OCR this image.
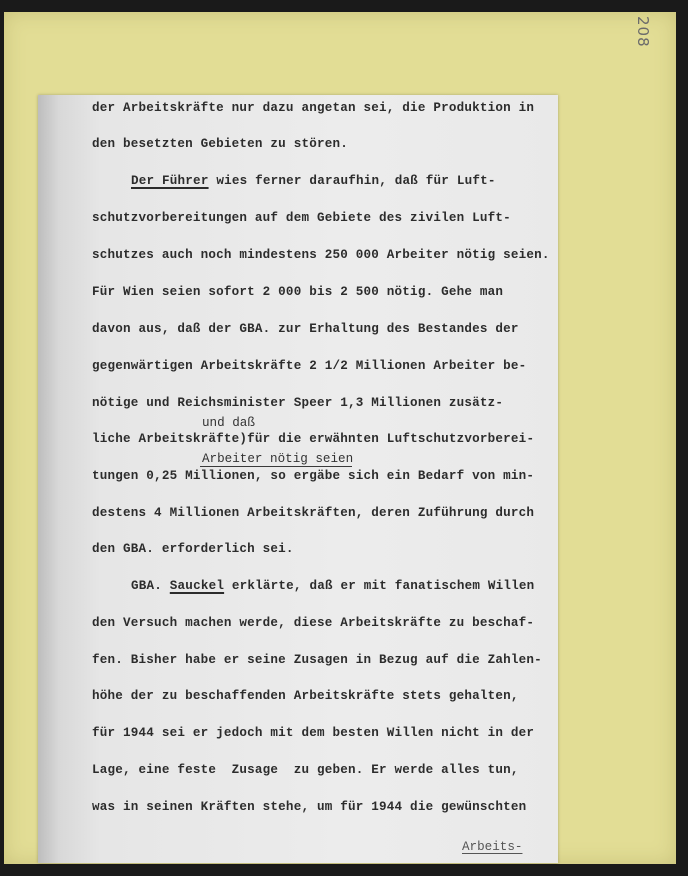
208
der Arbeitskräfte nur dazu angetan sei, die Produktion in
den besetzten Gebieten zu stören.
Der Führer wies ferner daraufhin, daß für Luft-
schutzvorbereitungen auf dem Gebiete des zivilen Luft-
schutzes auch noch mindestens 250 000 Arbeiter nötig seien.
Für Wien seien sofort 2 000 bis 2 500 nötig. Gehe man
davon aus, daß der GBA. zur Erhaltung des Bestandes der
gegenwärtigen Arbeitskräfte 2 1/2 Millionen Arbeiter be-
nötige und Reichsminister Speer 1,3 Millionen zusätz-
und daß
liche Arbeitskräfte)für die erwähnten Luftschutzvorberei-
Arbeiter nötig seien
tungen 0,25 Millionen, so ergäbe sich ein Bedarf von min-
destens 4 Millionen Arbeitskräften, deren Zuführung durch
den GBA. erforderlich sei.
GBA. Sauckel erklärte, daß er mit fanatischem Willen
den Versuch machen werde, diese Arbeitskräfte zu beschaf-
fen. Bisher habe er seine Zusagen in Bezug auf die Zahlen-
höhe der zu beschaffenden Arbeitskräfte stets gehalten,
für 1944 sei er jedoch mit dem besten Willen nicht in der
Lage, eine feste  Zusage  zu geben. Er werde alles tun,
was in seinen Kräften stehe, um für 1944 die gewünschten
Arbeits-
